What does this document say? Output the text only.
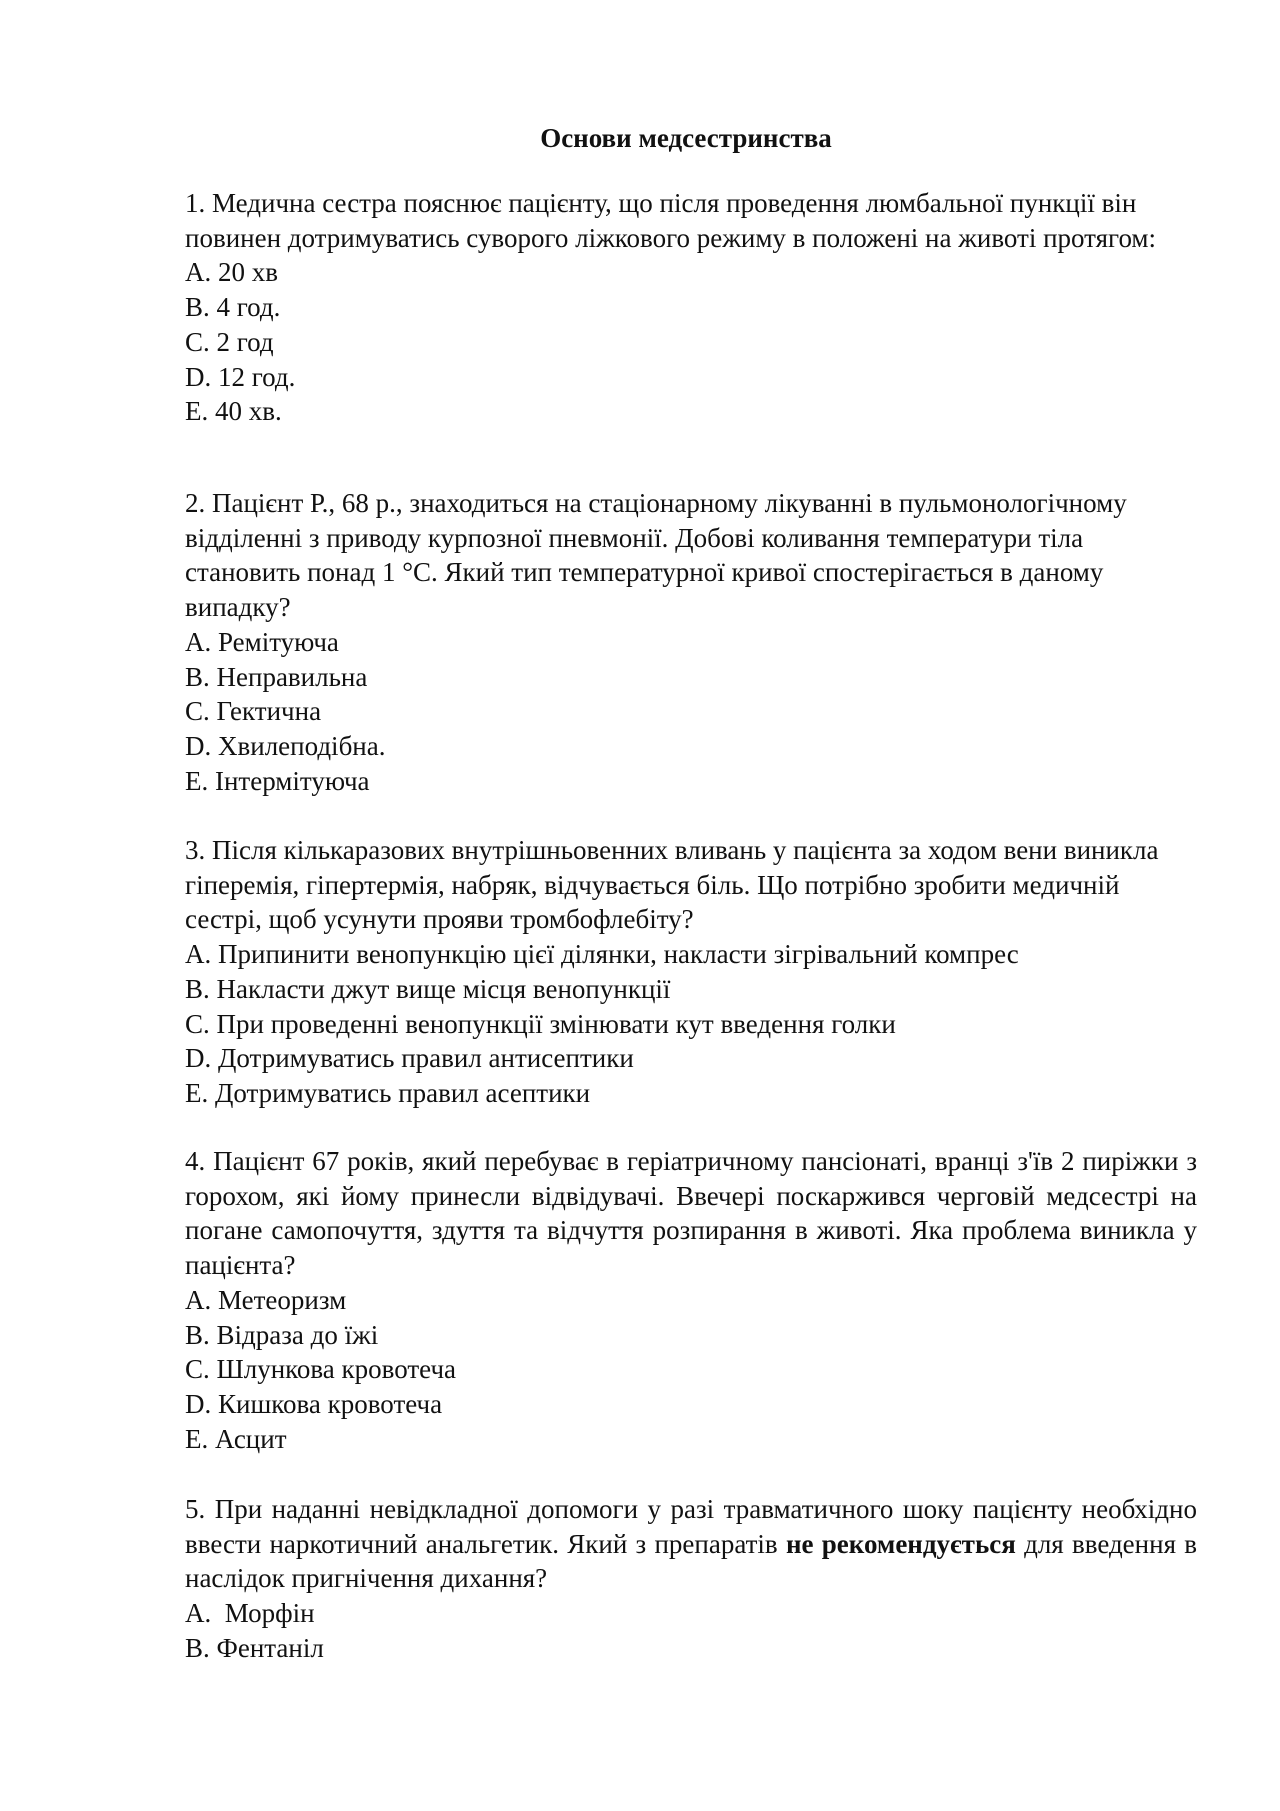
Основи медсестринства
1. Медична сестра пояснює пацієнту, що після проведення люмбальної пункції він повинен дотримуватись суворого ліжкового режиму в положені на животі протягом:
A. 20 хв
B. 4 год.
C. 2 год
D. 12 год.
E. 40 хв.
2. Пацієнт Р., 68 р., знаходиться на стаціонарному лікуванні в пульмонологічному відділенні з приводу курпозної пневмонії. Добові коливання температури тіла становить понад 1 °С. Який тип температурної кривої спостерігається в даному випадку?
A. Ремітуюча
B. Неправильна
C. Гектична
D. Хвилеподібна.
E. Інтермітуюча
3. Після кількаразових внутрішньовенних вливань у пацієнта за ходом вени виникла гіперемія, гіпертермія, набряк, відчувається біль. Що потрібно зробити медичній сестрі, щоб усунути прояви тромбофлебіту?
A. Припинити венопункцію цієї ділянки, накласти зігрівальний компрес
B. Накласти джут вище місця венопункції
C. При проведенні венопункції змінювати кут введення голки
D. Дотримуватись правил антисептики
E. Дотримуватись правил асептики
4. Пацієнт 67 років, який перебуває в геріатричному пансіонаті, вранці з'їв 2 пиріжки з горохом, які йому принесли відвідувачі. Ввечері поскаржився черговій медсестрі на погане самопочуття, здуття та відчуття розпирання в животі. Яка проблема виникла у пацієнта?
A. Метеоризм
B. Відраза до їжі
C. Шлункова кровотеча
D. Кишкова кровотеча
E. Асцит
5. При наданні невідкладної допомоги у разі травматичного шоку пацієнту необхідно ввести наркотичний анальгетик. Який з препаратів не рекомендується для введення в наслідок пригнічення дихання?
A.  Морфін
B. Фентаніл
